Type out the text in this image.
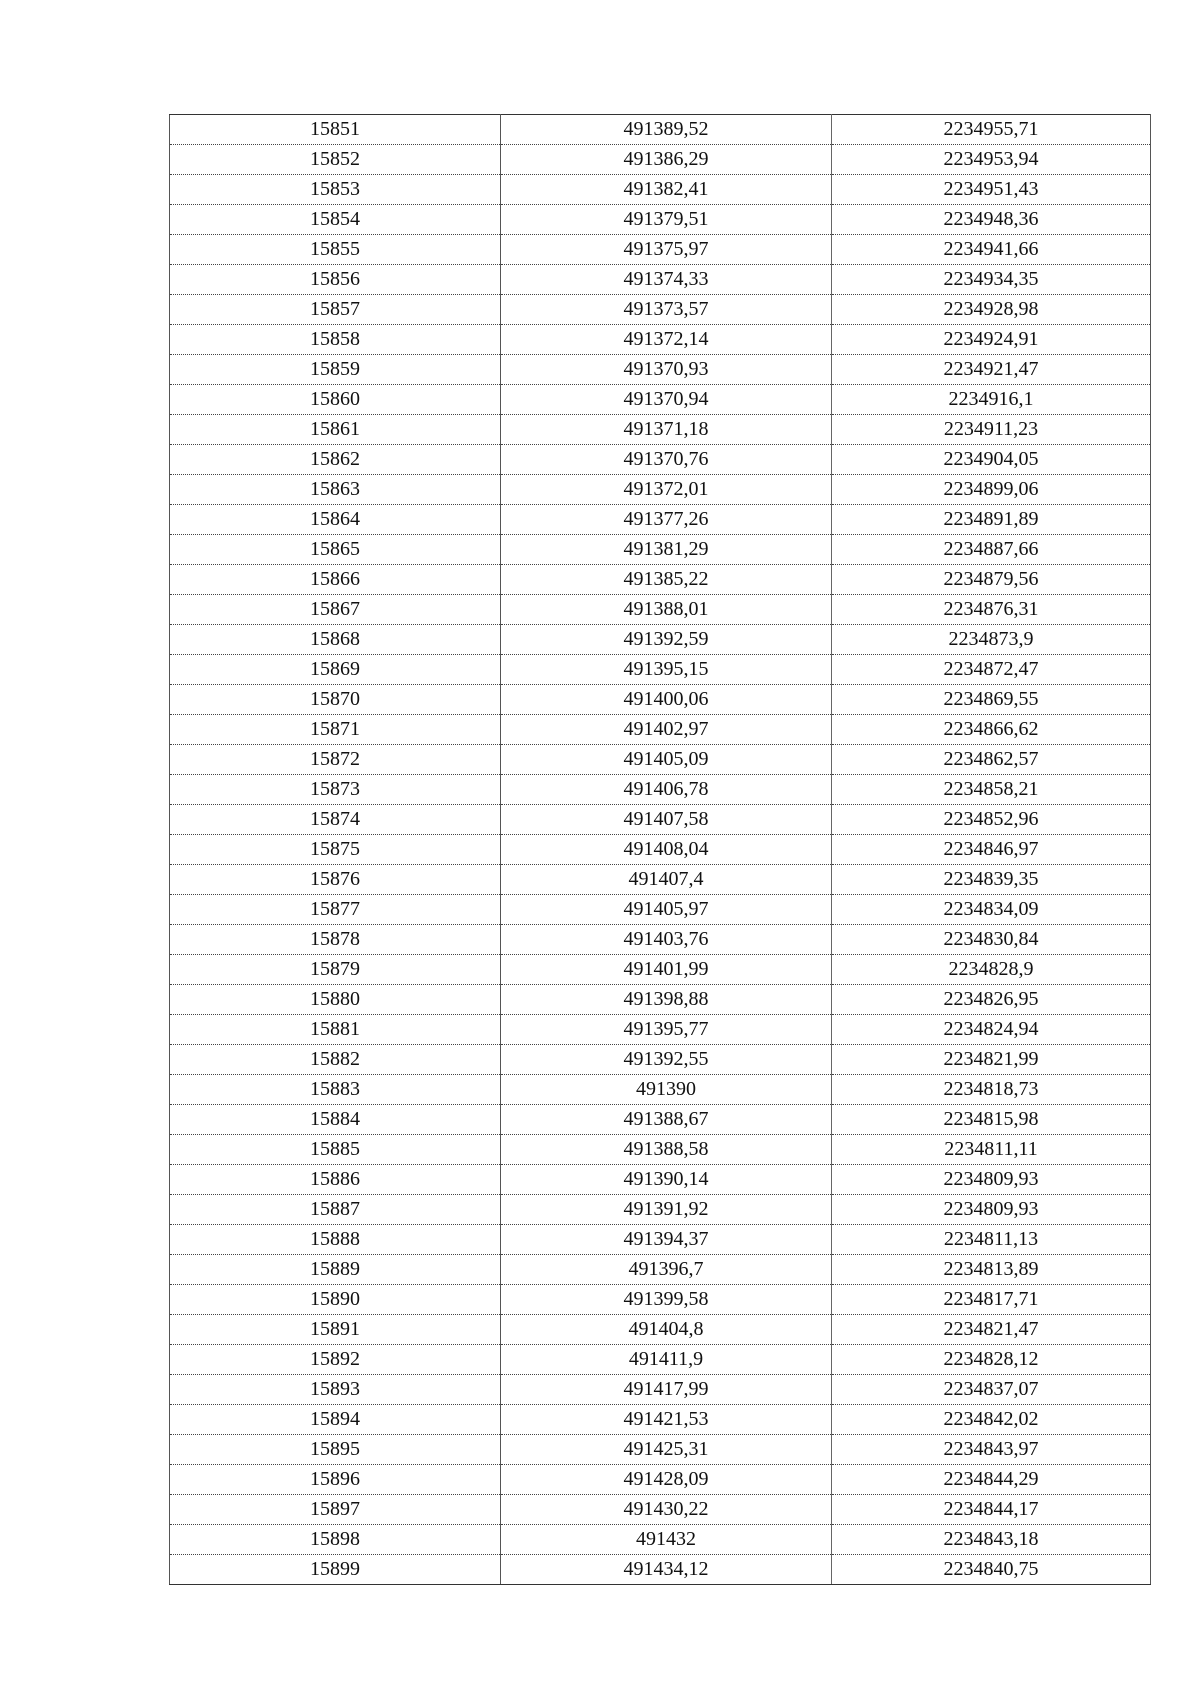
15851	491389,52	2234955,71
15852	491386,29	2234953,94
15853	491382,41	2234951,43
15854	491379,51	2234948,36
15855	491375,97	2234941,66
15856	491374,33	2234934,35
15857	491373,57	2234928,98
15858	491372,14	2234924,91
15859	491370,93	2234921,47
15860	491370,94	2234916,1
15861	491371,18	2234911,23
15862	491370,76	2234904,05
15863	491372,01	2234899,06
15864	491377,26	2234891,89
15865	491381,29	2234887,66
15866	491385,22	2234879,56
15867	491388,01	2234876,31
15868	491392,59	2234873,9
15869	491395,15	2234872,47
15870	491400,06	2234869,55
15871	491402,97	2234866,62
15872	491405,09	2234862,57
15873	491406,78	2234858,21
15874	491407,58	2234852,96
15875	491408,04	2234846,97
15876	491407,4	2234839,35
15877	491405,97	2234834,09
15878	491403,76	2234830,84
15879	491401,99	2234828,9
15880	491398,88	2234826,95
15881	491395,77	2234824,94
15882	491392,55	2234821,99
15883	491390	2234818,73
15884	491388,67	2234815,98
15885	491388,58	2234811,11
15886	491390,14	2234809,93
15887	491391,92	2234809,93
15888	491394,37	2234811,13
15889	491396,7	2234813,89
15890	491399,58	2234817,71
15891	491404,8	2234821,47
15892	491411,9	2234828,12
15893	491417,99	2234837,07
15894	491421,53	2234842,02
15895	491425,31	2234843,97
15896	491428,09	2234844,29
15897	491430,22	2234844,17
15898	491432	2234843,18
15899	491434,12	2234840,75
